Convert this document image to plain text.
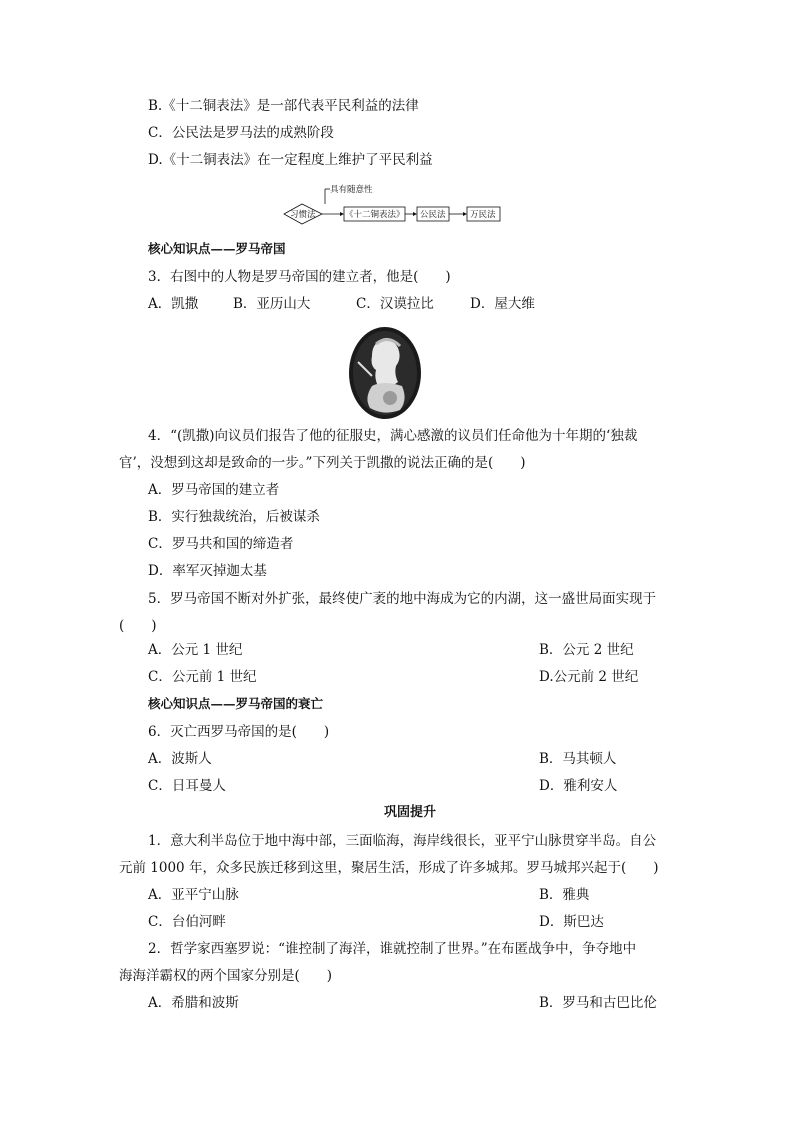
B.《十二铜表法》是一部代表平民利益的法律
C．公民法是罗马法的成熟阶段
D.《十二铜表法》在一定程度上维护了平民利益
具有随意性
习惯法	《十二铜表法》 公民法	万民法
核心知识点——罗马帝国
3．右图中的人物是罗马帝国的建立者，他是(　　)
A．凯撒	B．亚历山大	C．汉谟拉比	D．屋大维
4．“(凯撒)向议员们报告了他的征服史，满心感激的议员们任命他为十年期的‘独裁
官’，没想到这却是致命的一步。”下列关于凯撒的说法正确的是(　　)
A．罗马帝国的建立者
B．实行独裁统治，后被谋杀
C．罗马共和国的缔造者
D．率军灭掉迦太基
5．罗马帝国不断对外扩张，最终使广袤的地中海成为它的内湖，这一盛世局面实现于
(　　)
A．公元 1 世纪	B．公元 2 世纪
C．公元前 1 世纪	D.公元前 2 世纪
核心知识点——罗马帝国的衰亡
6．灭亡西罗马帝国的是(　　)
A．波斯人	B．马其顿人
C．日耳曼人	D．雅利安人
巩固提升
1．意大利半岛位于地中海中部，三面临海，海岸线很长，亚平宁山脉贯穿半岛。自公
元前 1000 年，众多民族迁移到这里，聚居生活，形成了许多城邦。罗马城邦兴起于(　　)
A．亚平宁山脉	B．雅典
C．台伯河畔	D．斯巴达
2．哲学家西塞罗说：“谁控制了海洋，谁就控制了世界。”在布匿战争中，争夺地中
海海洋霸权的两个国家分别是(　　)
A．希腊和波斯	B．罗马和古巴比伦
